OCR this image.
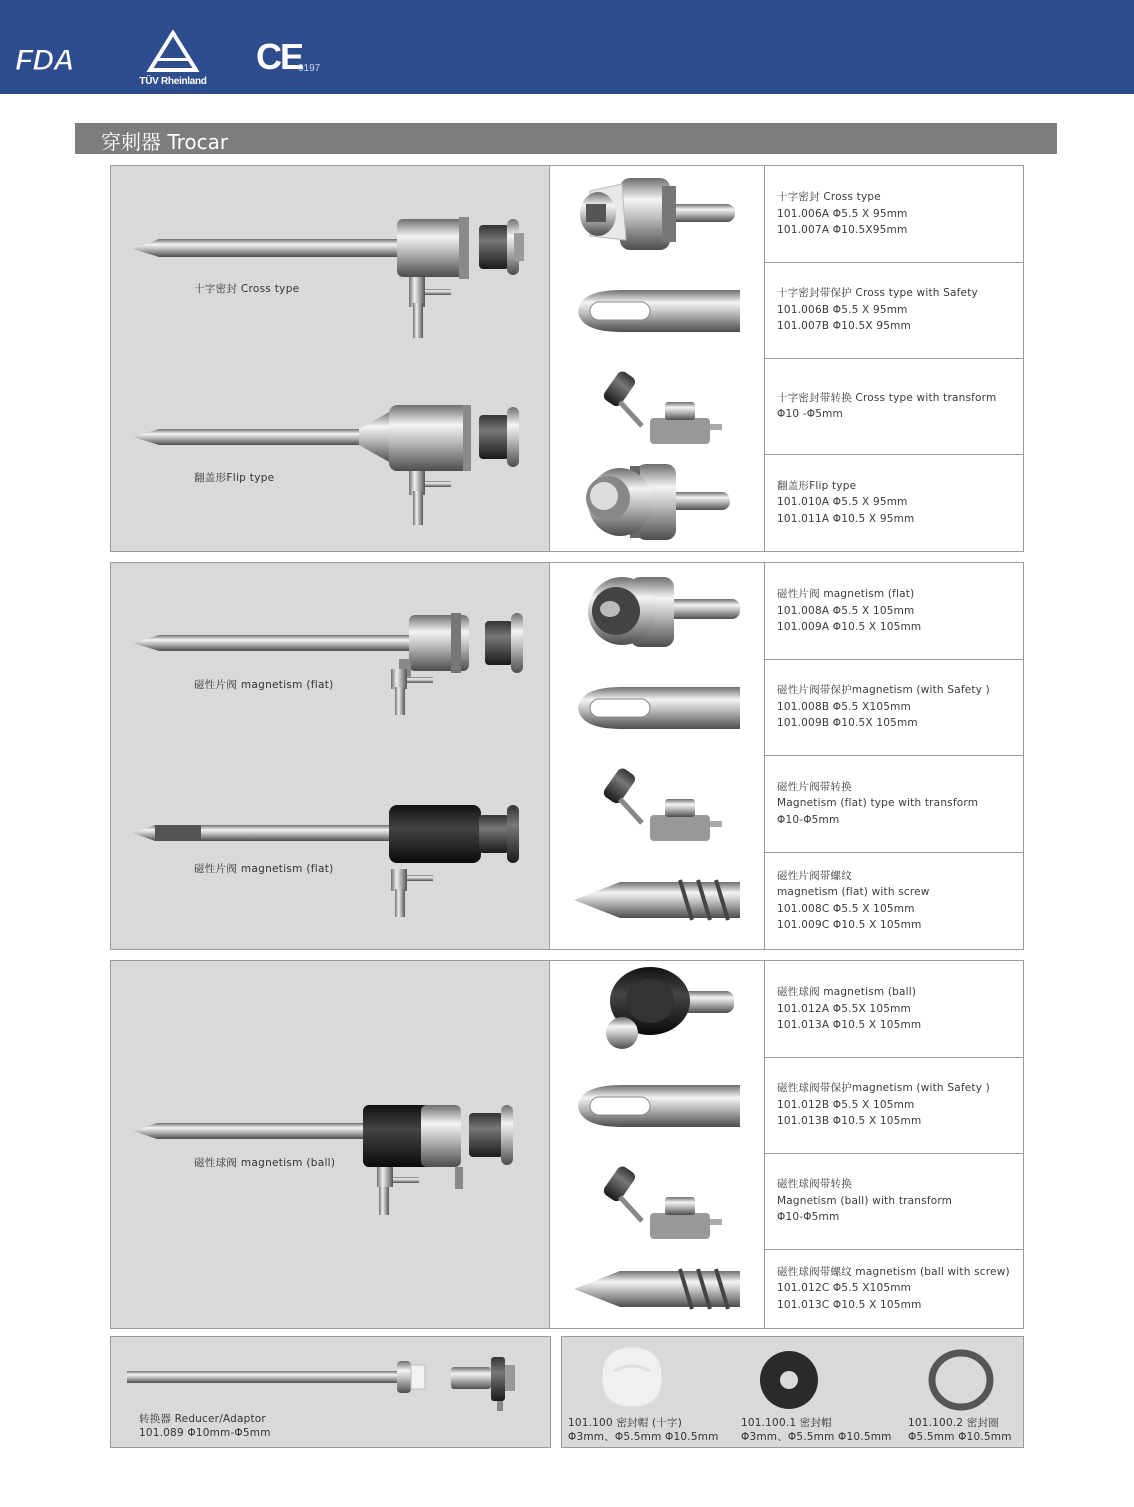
FDA
TÜV Rheinland
CE
0197
穿刺器 Trocar
十字密封 Cross type
翻盖形Flip type
十字密封 Cross type
101.006A Φ5.5 X 95mm
101.007A Φ10.5X95mm
十字密封带保护 Cross type with Safety
101.006B Φ5.5 X 95mm
101.007B Φ10.5X 95mm
十字密封带转换 Cross type with transform
Φ10 -Φ5mm
翻盖形Flip type
101.010A Φ5.5 X 95mm
101.011A Φ10.5 X 95mm
磁性片阀 magnetism (flat)
磁性片阀 magnetism (flat)
磁性片阀 magnetism (flat)
101.008A Φ5.5 X 105mm
101.009A Φ10.5 X 105mm
磁性片阀带保护magnetism (with Safety )
101.008B Φ5.5 X105mm
101.009B Φ10.5X 105mm
磁性片阀带转换
Magnetism (flat) type with transform
Φ10-Φ5mm
磁性片阀带螺纹
magnetism (flat) with screw
101.008C Φ5.5 X 105mm
101.009C Φ10.5 X 105mm
磁性球阀 magnetism (ball)
磁性球阀 magnetism (ball)
101.012A Φ5.5X 105mm
101.013A Φ10.5 X 105mm
磁性球阀带保护magnetism (with Safety )
101.012B Φ5.5 X 105mm
101.013B Φ10.5 X 105mm
磁性球阀带转换
Magnetism (ball) with transform
Φ10-Φ5mm
磁性球阀带螺纹 magnetism (ball with screw)
101.012C Φ5.5 X105mm
101.013C Φ10.5 X 105mm
转换器 Reducer/Adaptor
101.089 Φ10mm-Φ5mm
101.100 密封帽 (十字)
Φ3mm、Φ5.5mm Φ10.5mm
101.100.1 密封帽
Φ3mm、Φ5.5mm Φ10.5mm
101.100.2 密封圈
Φ5.5mm Φ10.5mm
